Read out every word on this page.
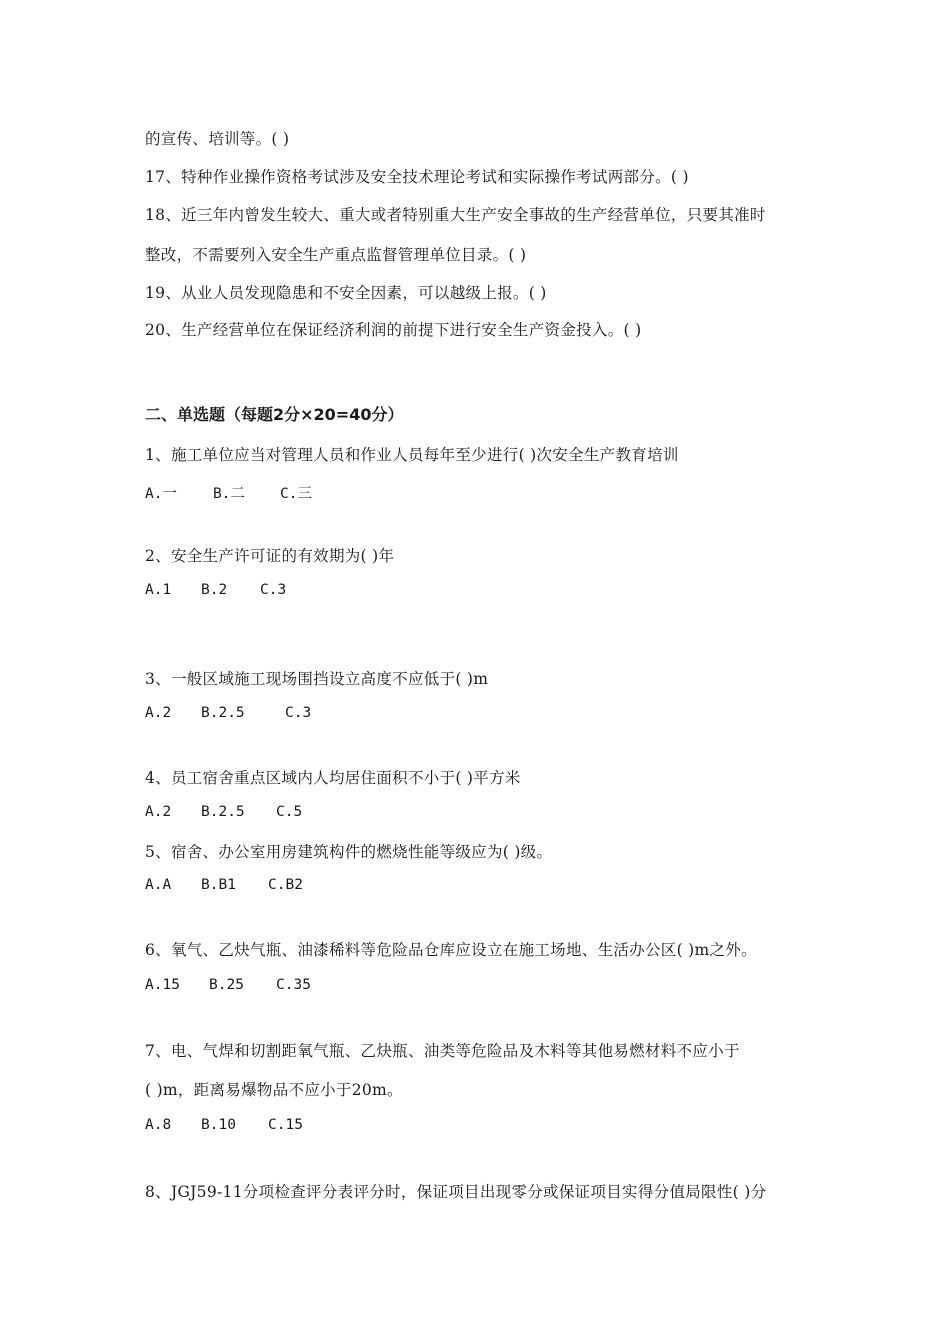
的宣传、培训等。( )
17、特种作业操作资格考试涉及安全技术理论考试和实际操作考试两部分。( )
18、近三年内曾发生较大、重大或者特别重大生产安全事故的生产经营单位，只要其准时
整改，不需要列入安全生产重点监督管理单位目录。( )
19、从业人员发现隐患和不安全因素，可以越级上报。( )
20、生产经营单位在保证经济利润的前提下进行安全生产资金投入。( )
二、单选题（每题2分×20=40分）
1、施工单位应当对管理人员和作业人员每年至少进行( )次安全生产教育培训
A.一 B.二 C.三
2、安全生产许可证的有效期为( )年
A.1 B.2 C.3
3、一般区域施工现场围挡设立高度不应低于( )m
A.2 B.2.5	C.3
4、员工宿舍重点区域内人均居住面积不小于( )平方米
A.2 B.2.5 C.5
5、宿舍、办公室用房建筑构件的燃烧性能等级应为( )级。
A.A B.B1 C.B2
6、氧气、乙炔气瓶、油漆稀料等危险品仓库应设立在施工场地、生活办公区( )m之外。
A.15 B.25 C.35
7、电、气焊和切割距氧气瓶、乙炔瓶、油类等危险品及木料等其他易燃材料不应小于
( )m，距离易爆物品不应小于20m。
A.8 B.10 C.15
8、JGJ59-11分项检查评分表评分时，保证项目出现零分或保证项目实得分值局限性( )分
